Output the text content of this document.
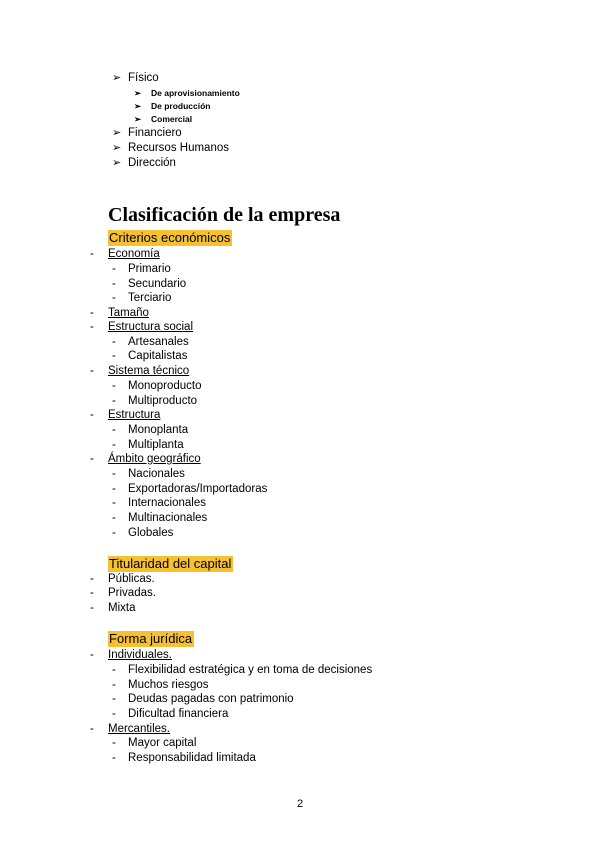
➢ Físico
➢ De aprovisionamiento
➢ De producción
➢ Comercial
➢ Financiero
➢ Recursos Humanos
➢ Dirección
Clasificación de la empresa
Criterios económicos
- Economía
- Primario
- Secundario
- Terciario
- Tamaño
- Estructura social
- Artesanales
- Capitalistas
- Sistema técnico
- Monoproducto
- Multiproducto
- Estructura
- Monoplanta
- Multiplanta
- Ámbito geográfico
- Nacionales
- Exportadoras/Importadoras
- Internacionales
- Multinacionales
- Globales
Titularidad del capital
- Públicas.
- Privadas.
- Mixta
Forma jurídica
- Individuales.
- Flexibilidad estratégica y en toma de decisiones
- Muchos riesgos
- Deudas pagadas con patrimonio
- Dificultad financiera
- Mercantiles.
- Mayor capital
- Responsabilidad limitada
2
